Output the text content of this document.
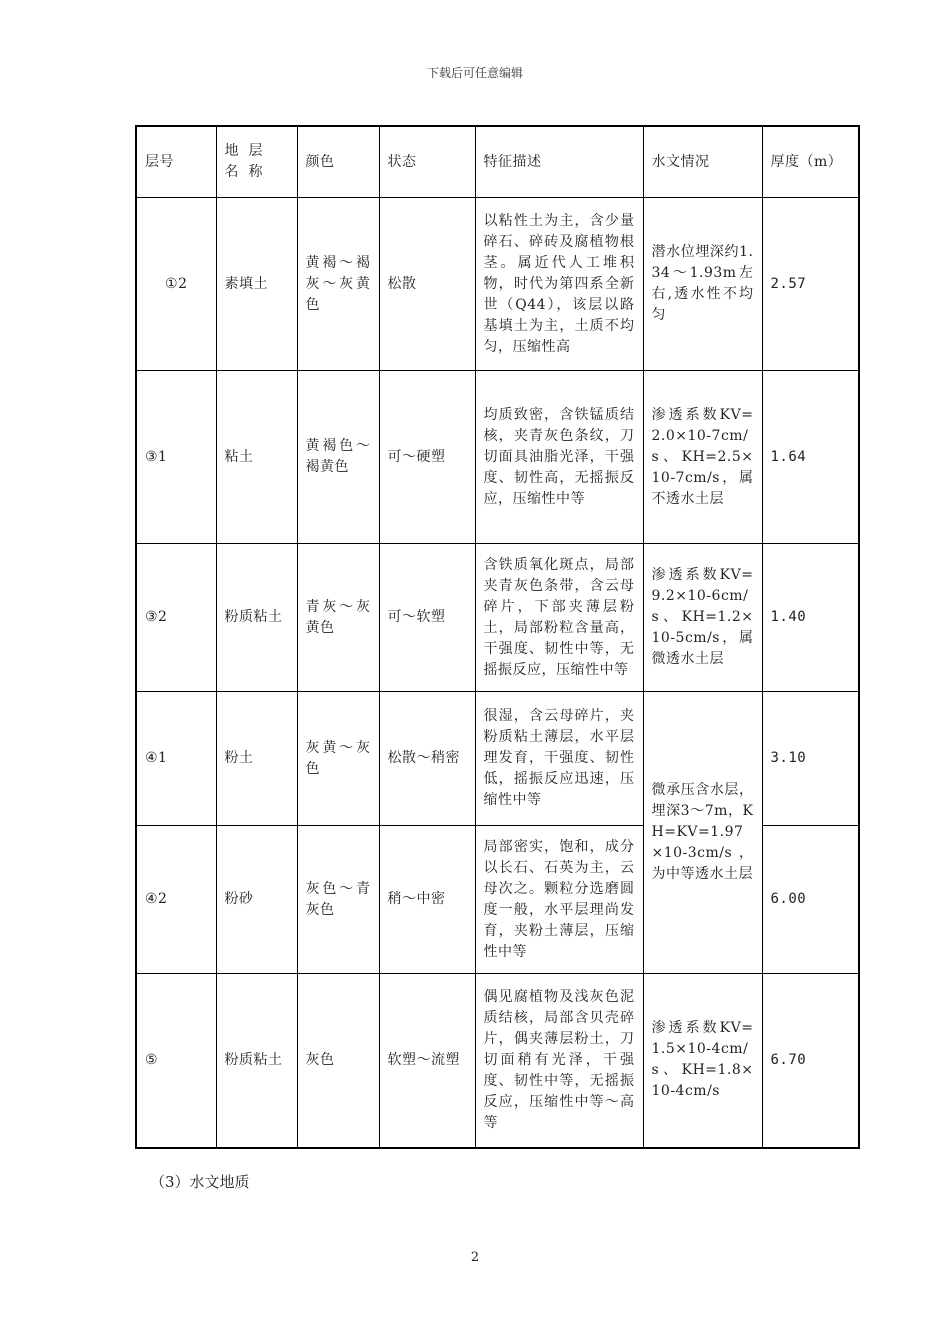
下载后可任意编辑
层号	地层名称	颜色	状态	特征描述	水文情况	厚度（m）
①2	素填土	黄褐～褐灰～灰黄色	松散	以粘性土为主，含少量碎石、碎砖及腐植物根茎。属近代人工堆积物，时代为第四系全新世（Q44），该层以路基填土为主，土质不均匀，压缩性高	潜水位埋深约1.34～1.93m左右,透水性不均匀	2.57
③1	粘土	黄褐色～褐黄色	可～硬塑	均质致密，含铁锰质结核，夹青灰色条纹，刀切面具油脂光泽，干强度、韧性高，无摇振反应，压缩性中等	渗透系数KV=2.0×10-7cm/s、KH=2.5×10-7cm/s，属不透水土层	1.64
③2	粉质粘土	青灰～灰黄色	可～软塑	含铁质氧化斑点，局部夹青灰色条带，含云母碎片，下部夹薄层粉土，局部粉粒含量高，干强度、韧性中等，无摇振反应，压缩性中等	渗透系数KV=9.2×10-6cm/s、KH=1.2×10-5cm/s，属微透水土层	1.40
④1	粉土	灰黄～灰色	松散～稍密	很湿，含云母碎片，夹粉质粘土薄层，水平层理发育，干强度、韧性低，摇振反应迅速，压缩性中等	微承压含水层，埋深3～7m，KH=KV=1.97×10-3cm/s，为中等透水土层	3.10
④2	粉砂	灰色～青灰色	稍～中密	局部密实，饱和，成分以长石、石英为主，云母次之。颗粒分选磨圆度一般，水平层理尚发育，夹粉土薄层，压缩性中等		6.00
⑤	粉质粘土	灰色	软塑～流塑	偶见腐植物及浅灰色泥质结核，局部含贝壳碎片，偶夹薄层粉土，刀切面稍有光泽，干强度、韧性中等，无摇振反应，压缩性中等～高等	渗透系数KV=1.5×10-4cm/s、KH=1.8×10-4cm/s	6.70
（3）水文地质
2
